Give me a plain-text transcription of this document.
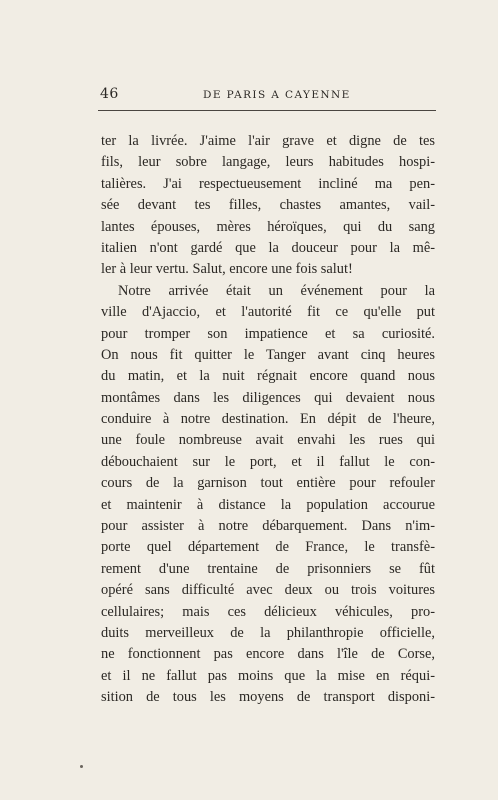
46	DE PARIS A CAYENNE
ter la livrée. J'aime l'air grave et digne de tes
fils, leur sobre langage, leurs habitudes hospi-
talières. J'ai respectueusement incliné ma pen-
sée devant tes filles, chastes amantes, vail-
lantes épouses, mères héroïques, qui du sang
italien n'ont gardé que la douceur pour la mê-
ler à leur vertu. Salut, encore une fois salut!
Notre arrivée était un événement pour la
ville d'Ajaccio, et l'autorité fit ce qu'elle put
pour tromper son impatience et sa curiosité.
On nous fit quitter le Tanger avant cinq heures
du matin, et la nuit régnait encore quand nous
montâmes dans les diligences qui devaient nous
conduire à notre destination. En dépit de l'heure,
une foule nombreuse avait envahi les rues qui
débouchaient sur le port, et il fallut le con-
cours de la garnison tout entière pour refouler
et maintenir à distance la population accourue
pour assister à notre débarquement. Dans n'im-
porte quel département de France, le transfè-
rement d'une trentaine de prisonniers se fût
opéré sans difficulté avec deux ou trois voitures
cellulaires; mais ces délicieux véhicules, pro-
duits merveilleux de la philanthropie officielle,
ne fonctionnent pas encore dans l'île de Corse,
et il ne fallut pas moins que la mise en réqui-
sition de tous les moyens de transport disponi-
